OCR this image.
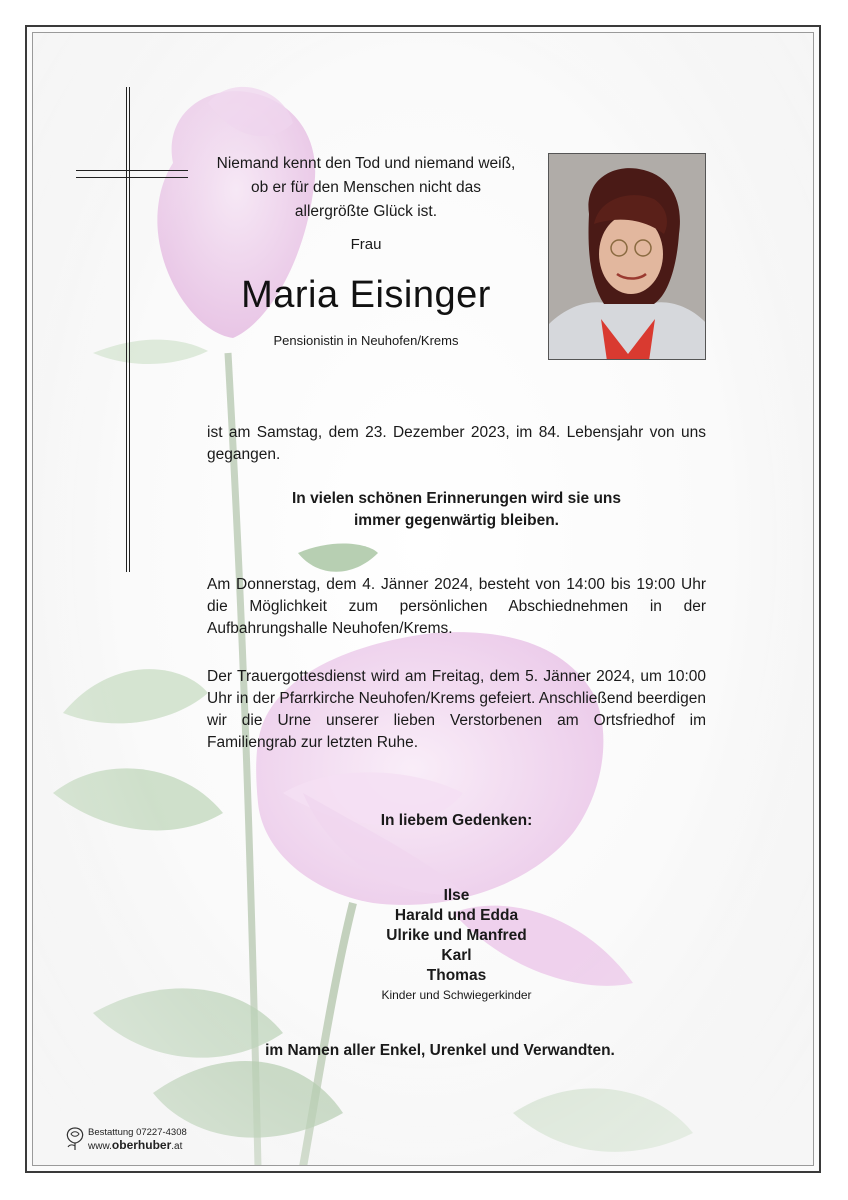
Niemand kennt den Tod und niemand weiß,
ob er für den Menschen nicht das
allergrößte Glück ist.
Frau
Maria Eisinger
Pensionistin in Neuhofen/Krems
ist am Samstag, dem 23. Dezember 2023, im 84. Lebensjahr von uns gegangen.
In vielen schönen Erinnerungen wird sie uns
immer gegenwärtig bleiben.
Am Donnerstag, dem 4. Jänner 2024, besteht von 14:00 bis 19:00 Uhr die Möglichkeit zum persönlichen Abschiednehmen in der Aufbahrungshalle Neuhofen/Krems.
Der Trauergottesdienst wird am Freitag, dem 5. Jänner 2024, um 10:00 Uhr in der Pfarrkirche Neuhofen/Krems gefeiert. Anschließend beerdigen wir die Urne unserer lieben Verstorbenen am Ortsfriedhof im Familiengrab zur letzten Ruhe.
In liebem Gedenken:
Ilse
Harald und Edda
Ulrike und Manfred
Karl
Thomas
Kinder und Schwiegerkinder
im Namen aller Enkel, Urenkel und Verwandten.
Bestattung 07227-4308
www.oberhuber.at
